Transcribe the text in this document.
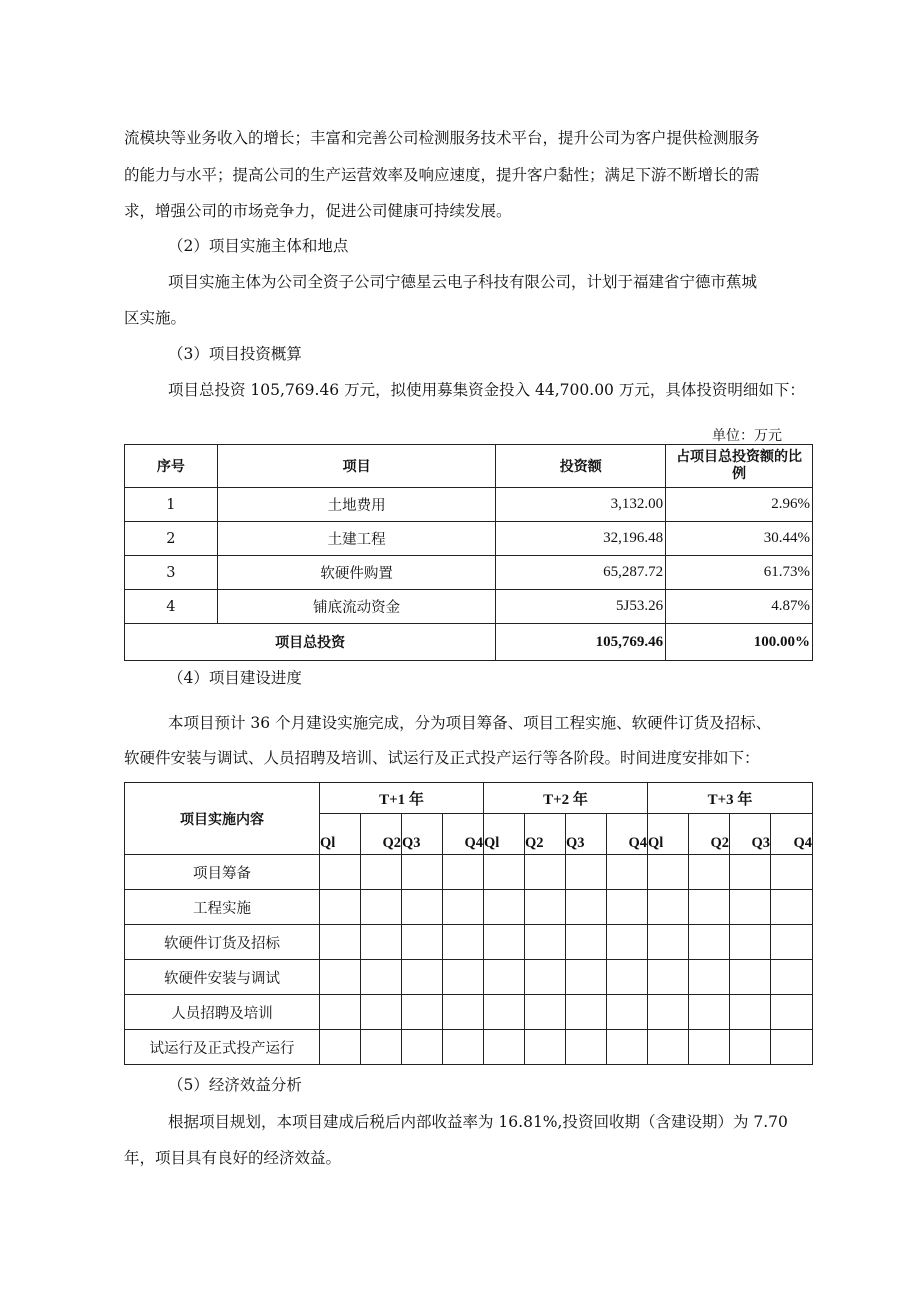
流模块等业务收入的增长；丰富和完善公司检测服务技术平台，提升公司为客户提供检测服务
的能力与水平；提高公司的生产运营效率及响应速度，提升客户黏性；满足下游不断增长的需
求，增强公司的市场竞争力，促进公司健康可持续发展。
（2）项目实施主体和地点
项目实施主体为公司全资子公司宁德星云电子科技有限公司，计划于福建省宁德市蕉城
区实施。
（3）项目投资概算
项目总投资 105,769.46 万元，拟使用募集资金投入 44,700.00 万元，具体投资明细如下：
单位：万元
序号	项目	投资额	占项目总投资额的比
例
1	土地费用	3,132.00	2.96%
2	土建工程	32,196.48	30.44%
3	软硬件购置	65,287.72	61.73%
4	铺底流动资金	5J53.26	4.87%
项目总投资		105,769.46	100.00%
（4）项目建设进度
本项目预计 36 个月建设实施完成，分为项目筹备、项目工程实施、软硬件订货及招标、
软硬件安装与调试、人员招聘及培训、试运行及正式投产运行等各阶段。时间进度安排如下：
项目实施内容	T+1 年				T+2 年				T+3 年			
	Ql	Q2	Q3	Q4	Ql	Q2	Q3	Q4	Ql	Q2	Q3	Q4
项目筹备												
工程实施												
软硬件订货及招标												
软硬件安装与调试												
人员招聘及培训												
试运行及正式投产运行												
（5）经济效益分析
根据项目规划，本项目建成后税后内部收益率为 16.81%,投资回收期（含建设期）为 7.70
年，项目具有良好的经济效益。
